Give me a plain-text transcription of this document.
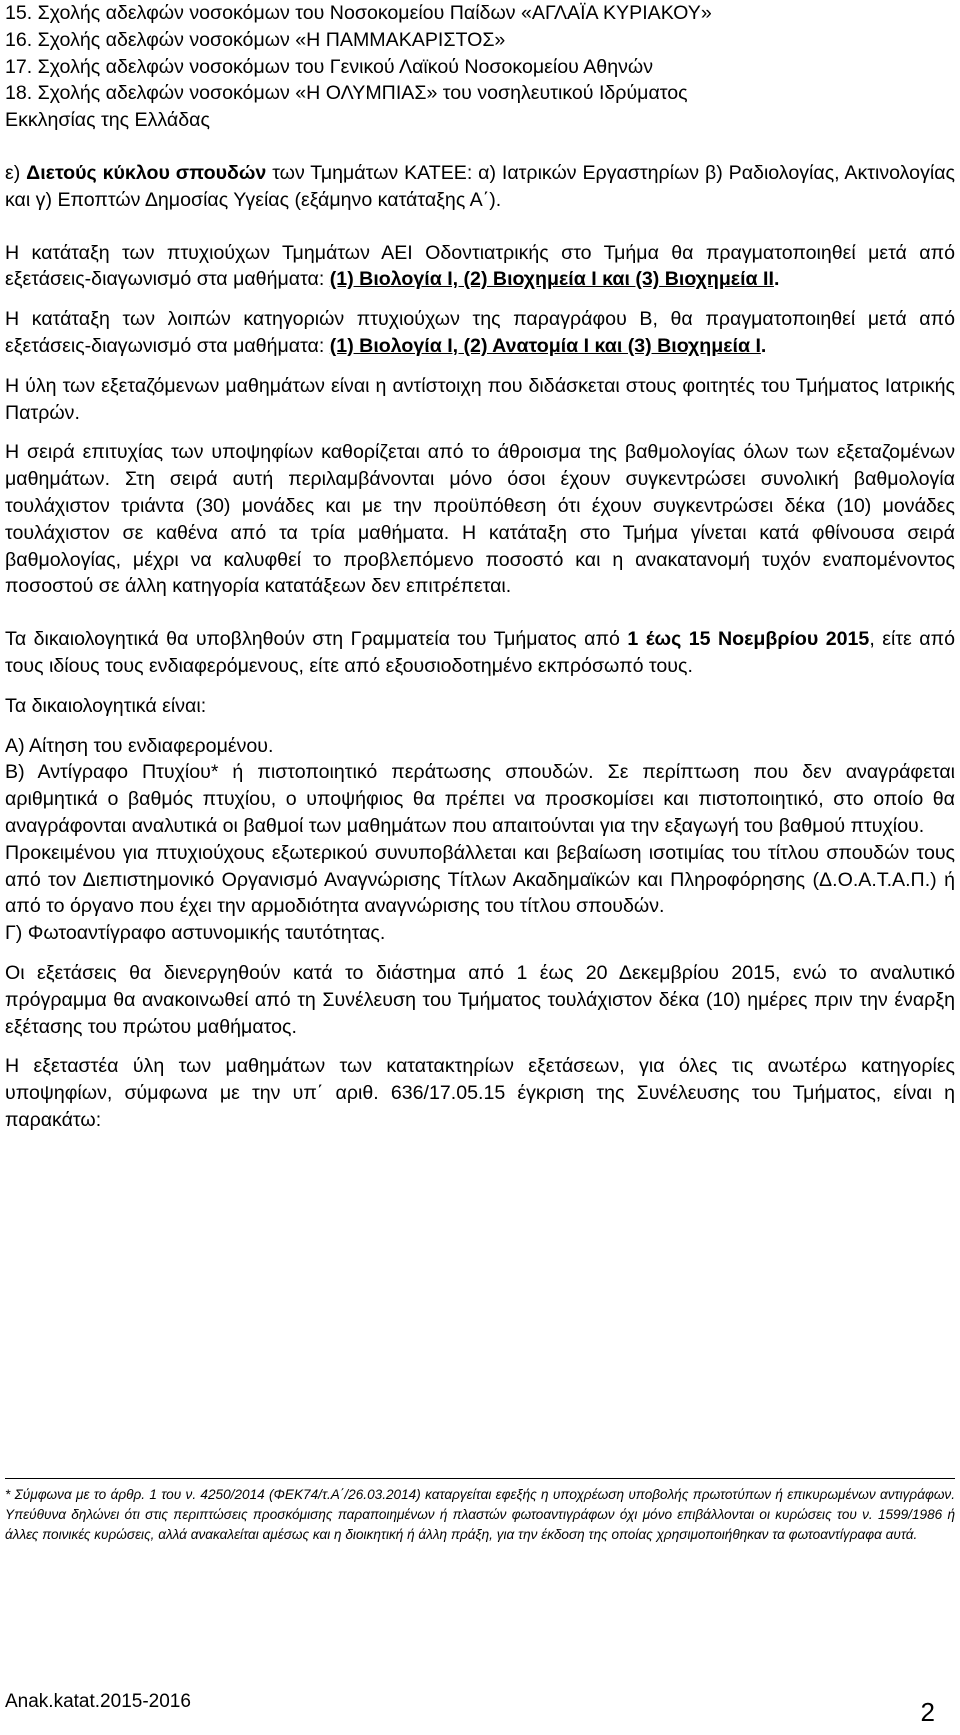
15. Σχολής αδελφών νοσοκόμων του Νοσοκομείου Παίδων «ΑΓΛΑΪΑ ΚΥΡΙΑΚΟΥ»

16. Σχολής αδελφών νοσοκόμων «Η ΠΑΜΜΑΚΑΡΙΣΤΟΣ»

17. Σχολής αδελφών νοσοκόμων του Γενικού Λαϊκού Νοσοκομείου Αθηνών

18. Σχολής αδελφών νοσοκόμων «Η ΟΛΥΜΠΙΑΣ» του νοσηλευτικού Ιδρύματος

Εκκλησίας της Ελλάδας

ε) Διετούς κύκλου σπουδών των Τμημάτων ΚΑΤΕΕ: α) Ιατρικών Εργαστηρίων β) Ραδιολογίας, Ακτινολογίας και γ) Εποπτών Δημοσίας Υγείας (εξάμηνο κατάταξης Α΄).

Η κατάταξη των πτυχιούχων Τμημάτων ΑΕΙ Οδοντιατρικής στο Τμήμα θα πραγματοποιηθεί μετά από εξετάσεις-διαγωνισμό στα μαθήματα: (1) Βιολογία Ι, (2) Βιοχημεία Ι και (3) Βιοχημεία ΙΙ.

Η κατάταξη των λοιπών κατηγοριών πτυχιούχων της παραγράφου Β, θα πραγματοποιηθεί μετά από εξετάσεις-διαγωνισμό στα μαθήματα: (1) Βιολογία Ι, (2) Ανατομία Ι και (3) Βιοχημεία Ι.

Η ύλη των εξεταζόμενων μαθημάτων είναι η αντίστοιχη που διδάσκεται στους φοιτητές του Τμήματος Ιατρικής Πατρών.

Η σειρά επιτυχίας των υποψηφίων καθορίζεται από το άθροισμα της βαθμολογίας όλων των εξεταζομένων μαθημάτων. Στη σειρά αυτή περιλαμβάνονται μόνο όσοι έχουν συγκεντρώσει συνολική βαθμολογία τουλάχιστον τριάντα (30) μονάδες και με την προϋπόθεση ότι έχουν συγκεντρώσει δέκα (10) μονάδες τουλάχιστον σε καθένα από τα τρία μαθήματα. Η κατάταξη στο Τμήμα γίνεται κατά φθίνουσα σειρά βαθμολογίας, μέχρι να καλυφθεί το προβλεπόμενο ποσοστό και η ανακατανομή τυχόν εναπομένοντος ποσοστού σε άλλη κατηγορία κατατάξεων δεν επιτρέπεται.

Τα δικαιολογητικά θα υποβληθούν στη Γραμματεία του Τμήματος από 1 έως 15 Νοεμβρίου 2015, είτε από τους ιδίους τους ενδιαφερόμενους, είτε από εξουσιοδοτημένο εκπρόσωπό τους.

Τα δικαιολογητικά είναι:

Α) Αίτηση του ενδιαφερομένου.

Β) Αντίγραφο Πτυχίου* ή πιστοποιητικό περάτωσης σπουδών. Σε περίπτωση που δεν αναγράφεται αριθμητικά ο βαθμός πτυχίου, ο υποψήφιος θα πρέπει να προσκομίσει και πιστοποιητικό, στο οποίο θα αναγράφονται αναλυτικά οι βαθμοί των μαθημάτων που απαιτούνται για την εξαγωγή του βαθμού πτυχίου.

Προκειμένου για πτυχιούχους εξωτερικού συνυποβάλλεται και βεβαίωση ισοτιμίας του τίτλου σπουδών τους από τον Διεπιστημονικό Οργανισμό Αναγνώρισης Τίτλων Ακαδημαϊκών και Πληροφόρησης (Δ.Ο.Α.Τ.Α.Π.) ή από το όργανο που έχει την αρμοδιότητα αναγνώρισης του τίτλου σπουδών.

Γ) Φωτοαντίγραφο αστυνομικής ταυτότητας.

Οι εξετάσεις θα διενεργηθούν κατά το διάστημα από 1 έως 20 Δεκεμβρίου 2015, ενώ το αναλυτικό πρόγραμμα θα ανακοινωθεί από τη Συνέλευση του Τμήματος τουλάχιστον δέκα (10) ημέρες πριν την έναρξη εξέτασης του πρώτου μαθήματος.

Η εξεταστέα ύλη των μαθημάτων των κατατακτηρίων εξετάσεων, για όλες τις ανωτέρω κατηγορίες υποψηφίων, σύμφωνα με την υπ΄ αριθ. 636/17.05.15 έγκριση της Συνέλευσης του Τμήματος, είναι η παρακάτω:

* Σύμφωνα με το άρθρ. 1 του ν. 4250/2014 (ΦΕΚ74/τ.Α΄/26.03.2014) καταργείται εφεξής η υποχρέωση υποβολής πρωτοτύπων ή επικυρωμένων αντιγράφων. Υπεύθυνα δηλώνει ότι στις περιπτώσεις προσκόμισης παραποιημένων ή πλαστών φωτοαντιγράφων όχι μόνο επιβάλλονται οι κυρώσεις του ν. 1599/1986 ή άλλες ποινικές κυρώσεις, αλλά ανακαλείται αμέσως και η διοικητική ή άλλη πράξη, για την έκδοση της οποίας χρησιμοποιήθηκαν τα φωτοαντίγραφα αυτά.

Anak.katat.2015-2016	2
